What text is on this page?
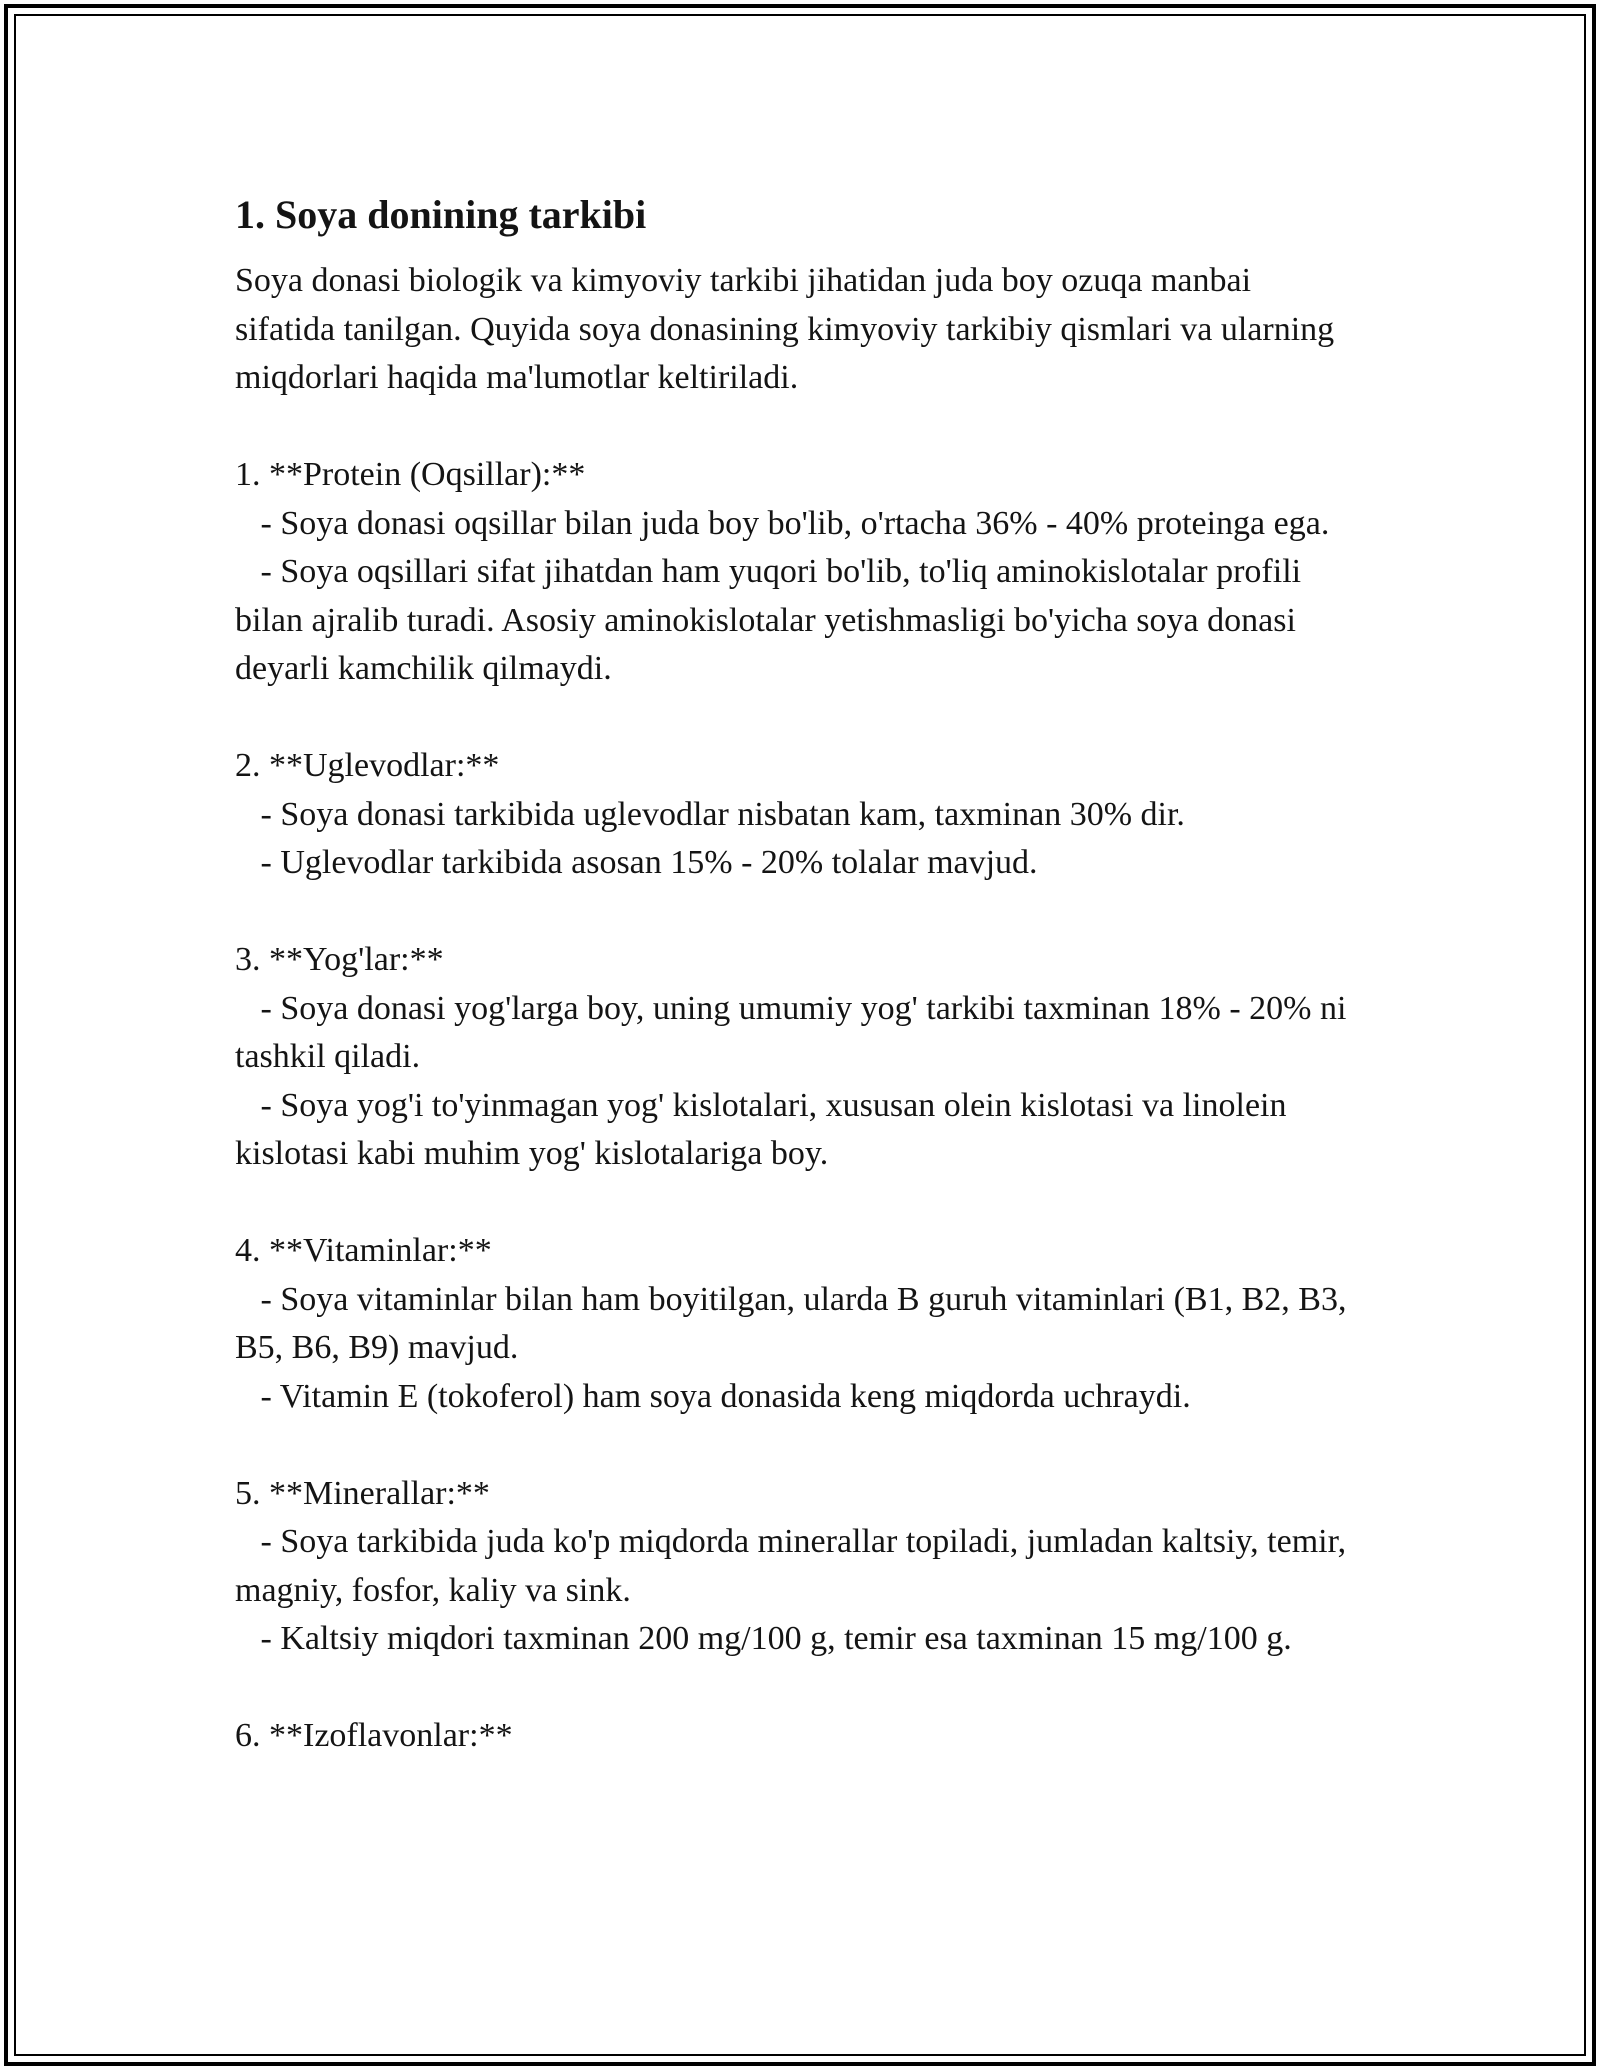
1. Soya donining tarkibi

Soya donasi biologik va kimyoviy tarkibi jihatidan juda boy ozuqa manbai sifatida tanilgan. Quyida soya donasining kimyoviy tarkibiy qismlari va ularning miqdorlari haqida ma'lumotlar keltiriladi.

1. **Protein (Oqsillar):**

- Soya donasi oqsillar bilan juda boy bo'lib, o'rtacha 36% - 40% proteinga ega.

- Soya oqsillari sifat jihatdan ham yuqori bo'lib, to'liq aminokislotalar profili bilan ajralib turadi. Asosiy aminokislotalar yetishmasligi bo'yicha soya donasi deyarli kamchilik qilmaydi.

2. **Uglevodlar:**

- Soya donasi tarkibida uglevodlar nisbatan kam, taxminan 30% dir.

- Uglevodlar tarkibida asosan 15% - 20% tolalar mavjud.

3. **Yog'lar:**

- Soya donasi yog'larga boy, uning umumiy yog' tarkibi taxminan 18% - 20% ni tashkil qiladi.

- Soya yog'i to'yinmagan yog' kislotalari, xususan olein kislotasi va linolein kislotasi kabi muhim yog' kislotalariga boy.

4. **Vitaminlar:**

- Soya vitaminlar bilan ham boyitilgan, ularda B guruh vitaminlari (B1, B2, B3, B5, B6, B9) mavjud.

- Vitamin E (tokoferol) ham soya donasida keng miqdorda uchraydi.

5. **Minerallar:**

- Soya tarkibida juda ko'p miqdorda minerallar topiladi, jumladan kaltsiy, temir, magniy, fosfor, kaliy va sink.

- Kaltsiy miqdori taxminan 200 mg/100 g, temir esa taxminan 15 mg/100 g.

6. **Izoflavonlar:**
